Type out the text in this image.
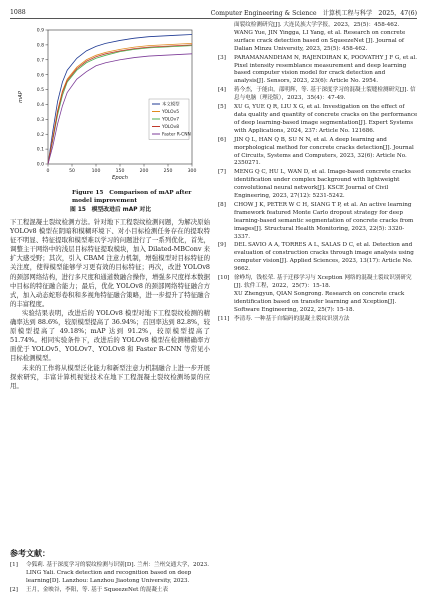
1088	Computer Engineering & Science　计算机工程与科学　2025，47(6)
0.0
0.1
0.2
0.3
0.4
0.5
0.6
0.7
0.8
0.9
0	50	100	150	200	250	300
Epoch
mAP
本文模型
YOLOv5
YOLOv7
YOLOv8
Faster R-CNN
Figure 15　Comparison of mAP after model improvement
图 15　模型改进后 mAP 对比

下工程混凝土裂纹检测方法。针对地下工程裂纹检测问题，为解决原始 YOLOv8 模型在阴暗和模糊环境下、对小目标检测任务存在的提取特征不明显、特征提取和模型难以学习的问题进行了一系列优化，首先，调整主干网络中的浅层目标特征提取模块，加入 Dilated-MBConv 来扩大感受野；其次，引入 CBAM 注意力机制，增强模型对目标特征的关注度，使得模型能够学习更有效的目标特征；再次，改进 YOLOv8 的颈部网络结构，进行多尺度和通道数融合操作，增强多尺度样本数据中目标的特征融合能力；最后，优化 YOLOv8 的颈部网络特征融合方式，加入动态蛇形卷积和多视角特征融合策略，进一步提升了特征融合的丰富程度。

实验结果表明，改进后的 YOLOv8 模型对地下工程裂纹检测的精确率达到 88.6%，较原模型提高了 36.94%；召回率达到 82.8%，较原模型提高了 49.18%；mAP 达到 91.2%，较原模型提高了 51.74%。相同实验条件下，改进后的 YOLOv8 模型在检测精确率方面优于 YOLOv5、YOLOv7、YOLOv8 和 Faster R-CNN 等常见小目标检测模型。

未来的工作将从模型泛化能力和新型注意力机制融合上进一步开展探索研究，丰富计算机视觉技术在地下工程混凝土裂纹检测场景的应用。

参考文献：
[1]	令狐莉. 基于深度学习的裂纹检测与识别[D]. 兰州：兰州交通大学，2023.
LING Yali. Crack detection and recognition based on deep learning[D]. Lanzhou: Lanzhou Jiaotong University, 2023.
[2]	王月，金映谷，李阳，等. 基于 SqueezeNet 的混凝土表
面裂纹检测研究[J]. 大连民族大学学报，2023，25(5)：458-462.
WANG Yue, JIN Yingga, LI Yang, et al. Research on concrete surface crack detection based on SqueezeNet [J]. Journal of Dalian Minzu University, 2023, 25(5): 458-462.
[3]	PARAMANANDHAM N, RAJENDIRAN K, POOVATHY J F G, et al. Pixel intensity resemblance measurement and deep learning based computer vision model for crack detection and analysis[J]. Sensors, 2023, 23(6): Article No. 2954.
[4]	蒋今杰，于能由，邵明辉，等. 基于深度学习的混凝土裂缝检测研究[J]. 信息与电脑（理论版），2023，35(4)：47-49.
[5]	XU G, YUE Q R, LIU X G, et al. Investigation on the effect of data quality and quantity of concrete cracks on the performance of deep learning-based image segmentation[J]. Expert Systems with Applications, 2024, 237: Article No. 121686.
[6]	JIN Q L, HAN Q B, SU N N, et al. A deep learning and morphological method for concrete cracks detection[J]. Journal of Circuits, Systems and Computers, 2023, 32(6): Article No. 2350271.
[7]	MENG Q C, HU L, WAN D, et al. Image-based concrete cracks identification under complex background with lightweight convolutional neural network[J]. KSCE Journal of Civil Engineering, 2023, 27(12): 5231-5242.
[8]	CHOW J K, PETER W C H, SIANG T P, et al. An active learning framework featured Monte Carlo dropout strategy for deep learning-based semantic segmentation of concrete cracks from images[J]. Structural Health Monitoring, 2023, 22(5): 3320-3337.
[9]	DEL SAVIO A A, TORRES A L, SALAS D C, et al. Detection and evaluation of construction cracks through image analysis using computer vision[J]. Applied Sciences, 2023, 13(17): Article No. 9662.
[10] 徐峥均，钱松荣. 基于迁移学习与 Xception 网络的混凝土裂纹识别研究[J]. 软件工程，2022，25(7)：15-18.
XU Zhengyun, QIAN Songrong. Research on concrete crack identification based on transfer learning and Xception[J]. Software Engineering, 2022, 25(7): 15-18.
[11] 李清寿. 一种基于自编码的混凝土裂纹识别方法
